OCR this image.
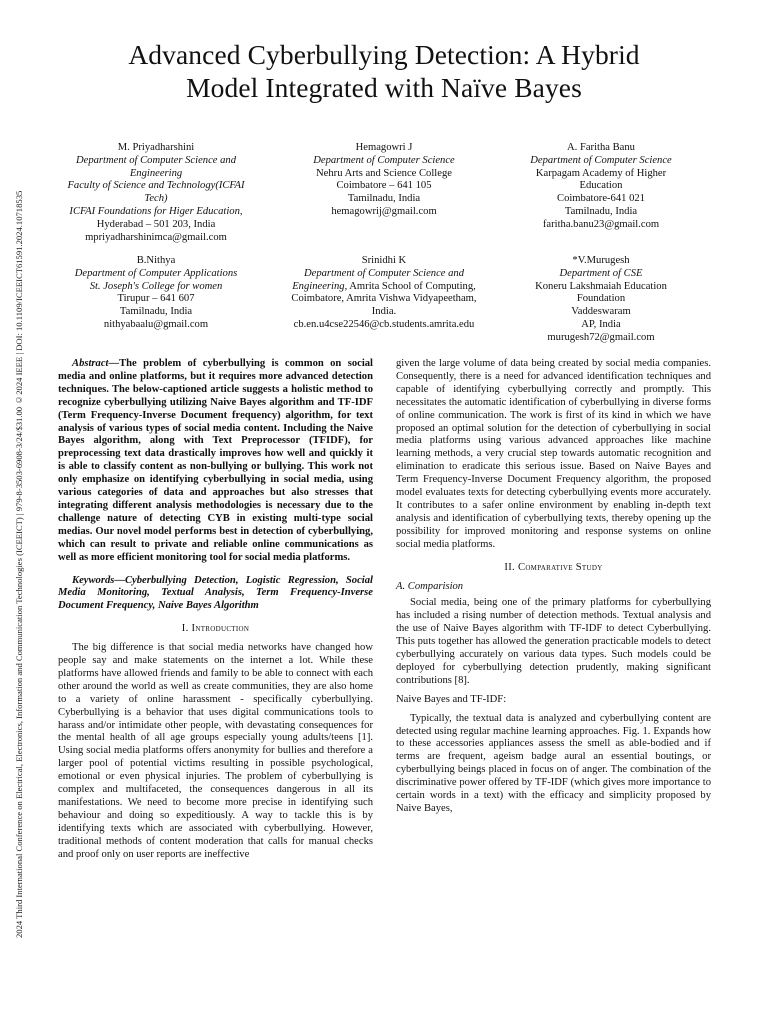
2024 Third International Conference on Electrical, Electronics, Information and Communication Technologies (ICEEICT) | 979-8-3503-6908-3/24/$31.00 ©2024 IEEE | DOI: 10.1109/ICEEICT61591.2024.10718535
Advanced Cyberbullying Detection: A Hybrid
Model Integrated with Naïve Bayes
M. Priyadharshini
Department of Computer Science and Engineering
Faculty of Science and Technology(ICFAI Tech)
ICFAI Foundations for Higer Education, Hyderabad – 501 203, India
mpriyadharshinimca@gmail.com
Hemagowri J
Department of Computer Science
Nehru Arts and Science College
Coimbatore – 641 105
Tamilnadu, India
hemagowrij@gmail.com
A. Faritha Banu
Department of Computer Science
Karpagam Academy of Higher Education
Coimbatore-641 021
Tamilnadu, India
faritha.banu23@gmail.com
B.Nithya
Department of Computer Applications
St. Joseph's College for women
Tirupur – 641 607
Tamilnadu, India
nithyabaalu@gmail.com
Srinidhi K
Department of Computer Science and Engineering, Amrita School of Computing, Coimbatore, Amrita Vishwa Vidyapeetham, India.
cb.en.u4cse22546@cb.students.amrita.edu
*V.Murugesh
Department of CSE
Koneru Lakshmaiah Education Foundation
Vaddeswaram
AP, India
murugesh72@gmail.com

Abstract—The problem of cyberbullying is common on social media and online platforms, but it requires more advanced detection techniques. The below-captioned article suggests a holistic method to recognize cyberbullying utilizing Naive Bayes algorithm and TF-IDF (Term Frequency-Inverse Document frequency) algorithm, for text analysis of various types of social media content. Including the Naive Bayes algorithm, along with Text Preprocessor (TFIDF), for preprocessing text data drastically improves how well and quickly it is able to classify content as non-bullying or bullying. This work not only emphasize on identifying cyberbullying in social media, using various categories of data and approaches but also stresses that integrating different analysis methodologies is necessary due to the challenge nature of detecting CYB in existing multi-type social medias. Our novel model performs best in detection of cyberbullying, which can result to private and reliable online communications as well as more efficient monitoring tool for social media platforms.

Keywords—Cyberbullying Detection, Logistic Regression, Social Media Monitoring, Textual Analysis, Term Frequency-Inverse Document Frequency, Naive Bayes Algorithm

I. Introduction

The big difference is that social media networks have changed how people say and make statements on the internet a lot. While these platforms have allowed friends and family to be able to connect with each other around the world as well as create communities, they are also home to a variety of online harassment - specifically cyberbullying. Cyberbullying is a behavior that uses digital communications tools to harass and/or intimidate other people, with devastating consequences for the mental health of all age groups especially young adults/teens [1]. Using social media platforms offers anonymity for bullies and therefore a larger pool of potential victims resulting in possible psychological, emotional or even physical injuries. The problem of cyberbullying is complex and multifaceted, the consequences dangerous in all its manifestations. We need to become more precise in identifying such behaviour and doing so expeditiously. A way to tackle this is by identifying texts which are associated with cyberbullying. However, traditional methods of content moderation that calls for manual checks and proof only on user reports are ineffective

given the large volume of data being created by social media companies. Consequently, there is a need for advanced identification techniques and capable of identifying cyberbullying correctly and promptly. This necessitates the automatic identification of cyberbullying in diverse forms of online communication. The work is first of its kind in which we have proposed an optimal solution for the detection of cyberbullying in social media platforms using various advanced approaches like machine learning methods, a very crucial step towards automatic recognition and elimination to eradicate this serious issue. Based on Naive Bayes and Term Frequency-Inverse Document Frequency algorithm, the proposed model evaluates texts for detecting cyberbullying events more accurately. It contributes to a safer online environment by enabling in-depth text analysis and identification of cyberbullying texts, thereby opening up the possibility for improved monitoring and response systems on online social media platforms.

II. Comparative Study

A. Comparision

Social media, being one of the primary platforms for cyberbullying has included a rising number of detection methods. Textual analysis and the use of Naive Bayes algorithm with TF-IDF to detect Cyberbullying. This puts together has allowed the generation practicable models to detect cyberbullying accurately on various data types. Such models could be deployed for cyberbullying detection prudently, making significant contributions [8].

Naive Bayes and TF-IDF:

Typically, the textual data is analyzed and cyberbullying content are detected using regular machine learning approaches. Fig. 1. Expands how to these accessories appliances assess the smell as able-bodied and if terms are frequent, ageism badge aural an essential boutings, or cyberbullying beings placed in focus on of anger. The combination of the discriminative power offered by TF-IDF (which gives more importance to certain words in a text) with the efficacy and simplicity proposed by Naive Bayes,
